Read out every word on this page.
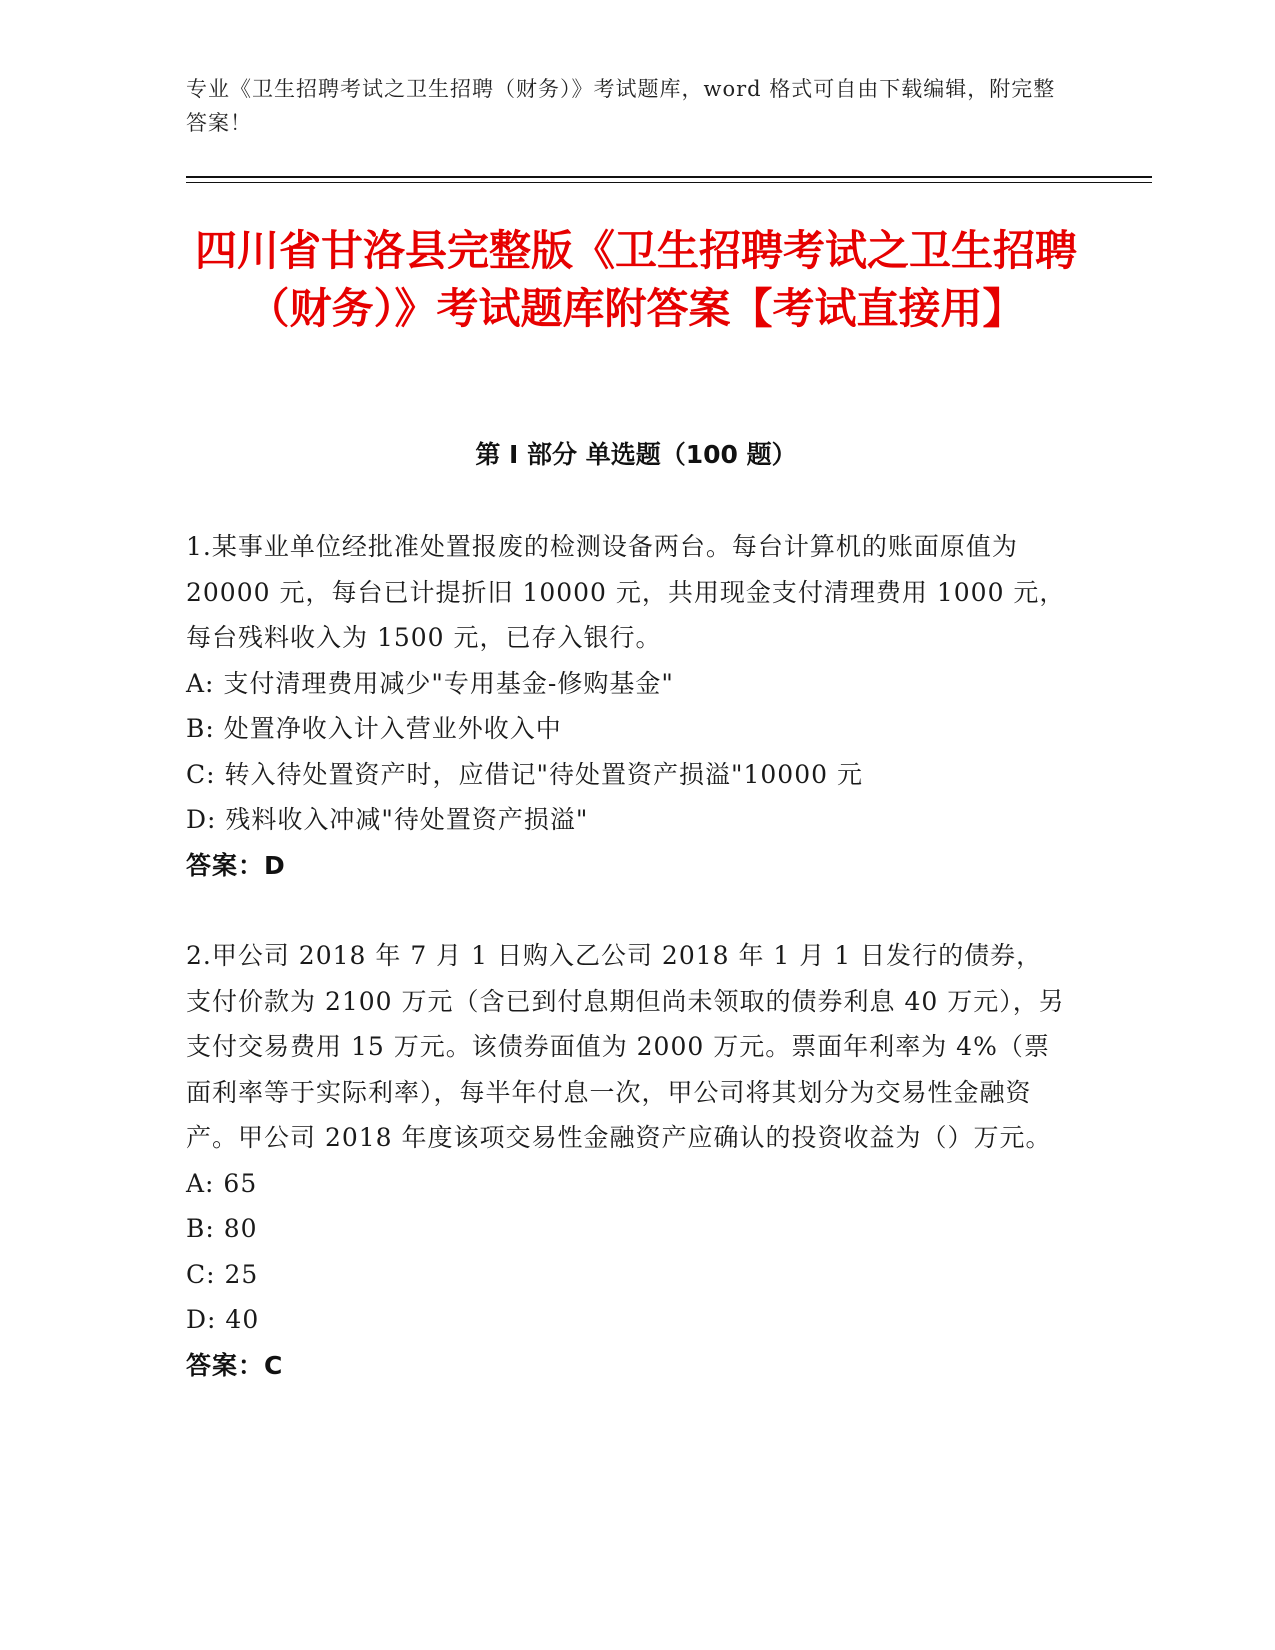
专业《卫生招聘考试之卫生招聘（财务）》考试题库，word 格式可自由下载编辑，附完整答案！
四川省甘洛县完整版《卫生招聘考试之卫生招聘（财务）》考试题库附答案【考试直接用】
第 I 部分 单选题（100 题）
1.某事业单位经批准处置报废的检测设备两台。每台计算机的账面原值为 20000 元，每台已计提折旧 10000 元，共用现金支付清理费用 1000 元，每台残料收入为 1500 元，已存入银行。
A: 支付清理费用减少"专用基金-修购基金"
B: 处置净收入计入营业外收入中
C: 转入待处置资产时，应借记"待处置资产损溢"10000 元
D: 残料收入冲减"待处置资产损溢"
答案：D
2.甲公司 2018 年 7 月 1 日购入乙公司 2018 年 1 月 1 日发行的债券，支付价款为 2100 万元（含已到付息期但尚未领取的债券利息 40 万元），另支付交易费用 15 万元。该债券面值为 2000 万元。票面年利率为 4%（票面利率等于实际利率），每半年付息一次，甲公司将其划分为交易性金融资产。甲公司 2018 年度该项交易性金融资产应确认的投资收益为（）万元。
A: 65
B: 80
C: 25
D: 40
答案：C
